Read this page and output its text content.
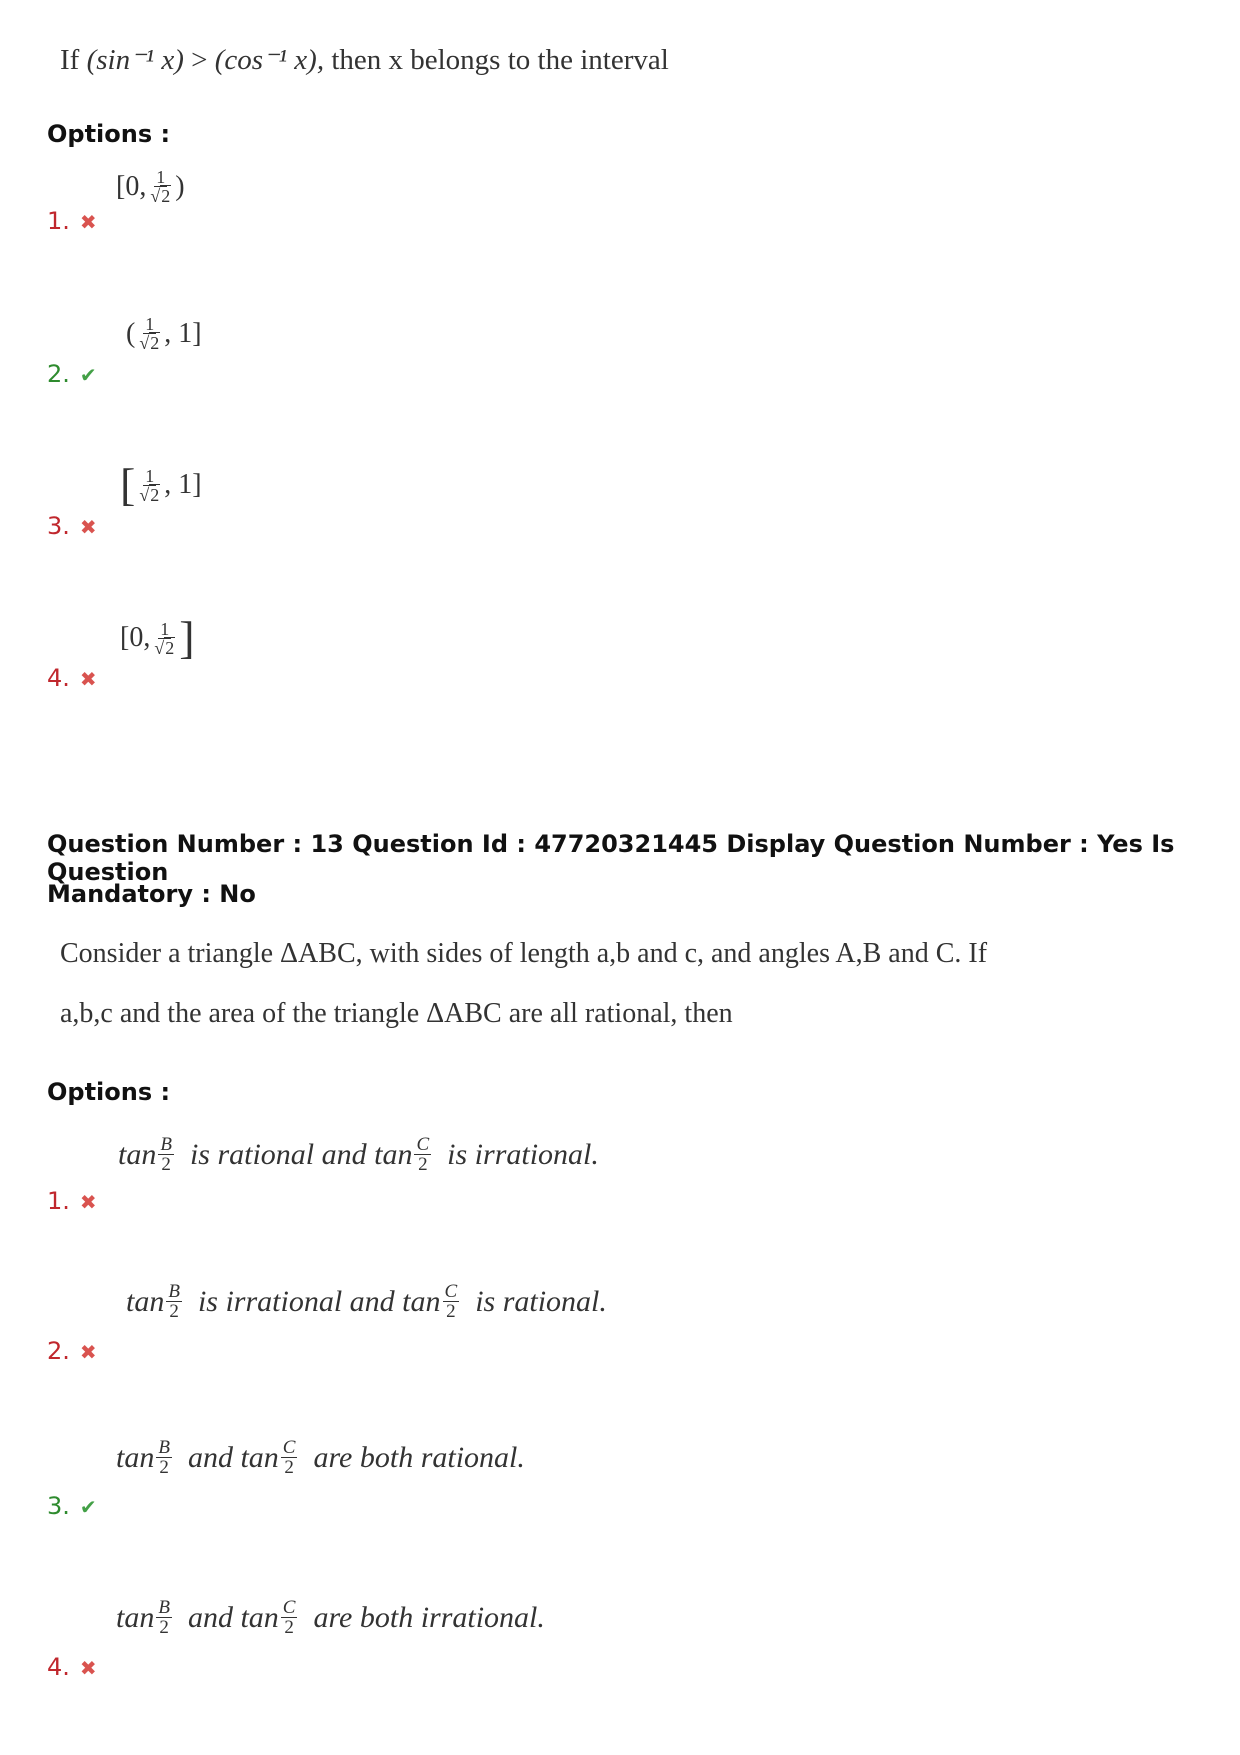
If (sin⁻¹ x) > (cos⁻¹ x), then x belongs to the interval
Options :
1. ✖
[0, $\frac{1}{√2}$ )
2. ✔
( $\frac{1}{√2}$ , 1]
3. ✖
[ $\frac{1}{√2}$ , 1]
4. ✖
[0, $\frac{1}{√2}$ ]
Question Number : 13 Question Id : 47720321445 Display Question Number : Yes Is Question
Mandatory : No
Consider a triangle ΔABC, with sides of length a,b and c, and angles A,B and C. If
a,b,c and the area of the triangle ΔABC are all rational, then
Options :
1. ✖
$\tan \frac{B}{2}$ is rational and $\tan \frac{C}{2}$ is irrational.
2. ✖
$\tan \frac{B}{2}$ is irrational and $\tan \frac{C}{2}$ is rational.
3. ✔
$\tan \frac{B}{2}$ and $\tan \frac{C}{2}$ are both rational.
4. ✖
$\tan \frac{B}{2}$ and $\tan \frac{C}{2}$ are both irrational.
